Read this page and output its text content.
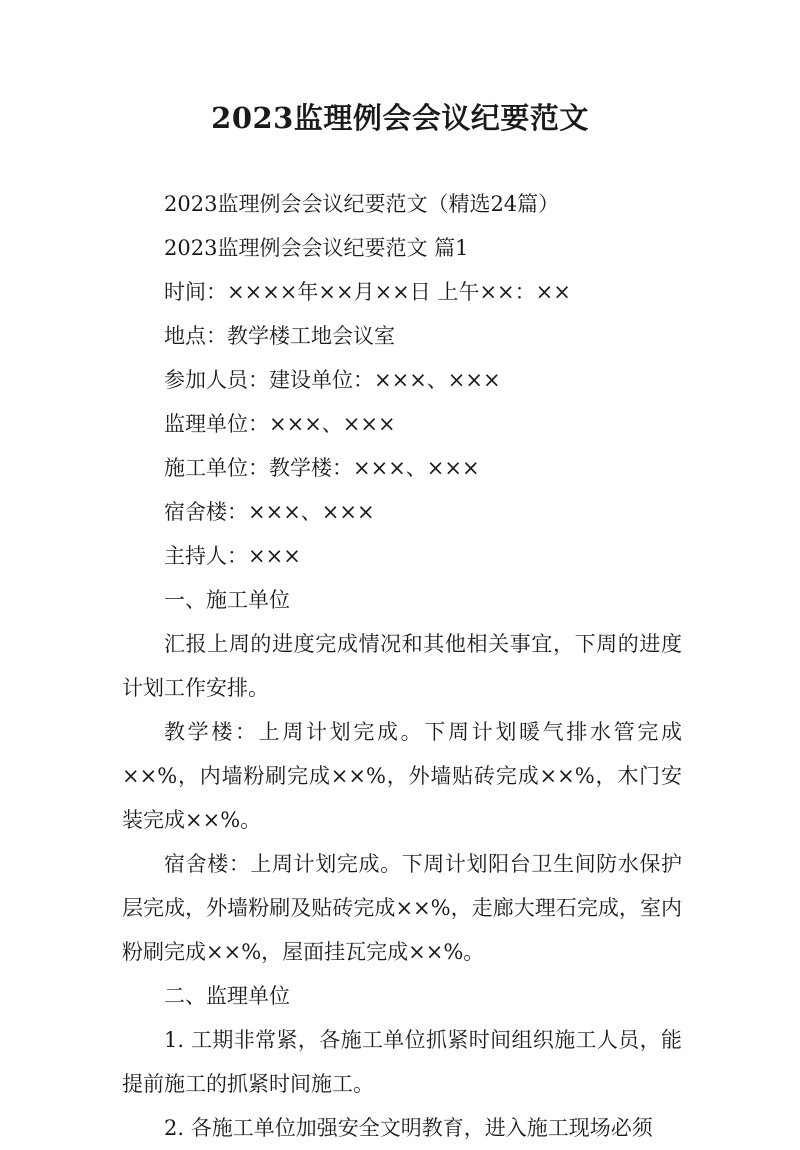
2023监理例会会议纪要范文

2023监理例会会议纪要范文（精选24篇）

2023监理例会会议纪要范文 篇1

时间：××××年××月××日 上午××：××

地点：教学楼工地会议室

参加人员：建设单位：×××、×××

监理单位：×××、×××

施工单位：教学楼：×××、×××

宿舍楼：×××、×××

主持人：×××

一、施工单位

汇报上周的进度完成情况和其他相关事宜，下周的进度计划工作安排。

教学楼：上周计划完成。下周计划暖气排水管完成××%，内墙粉刷完成××%，外墙贴砖完成××%，木门安装完成××%。

宿舍楼：上周计划完成。下周计划阳台卫生间防水保护层完成，外墙粉刷及贴砖完成××%，走廊大理石完成，室内粉刷完成××%，屋面挂瓦完成××%。

二、监理单位

1. 工期非常紧，各施工单位抓紧时间组织施工人员，能提前施工的抓紧时间施工。

2. 各施工单位加强安全文明教育，进入施工现场必须
